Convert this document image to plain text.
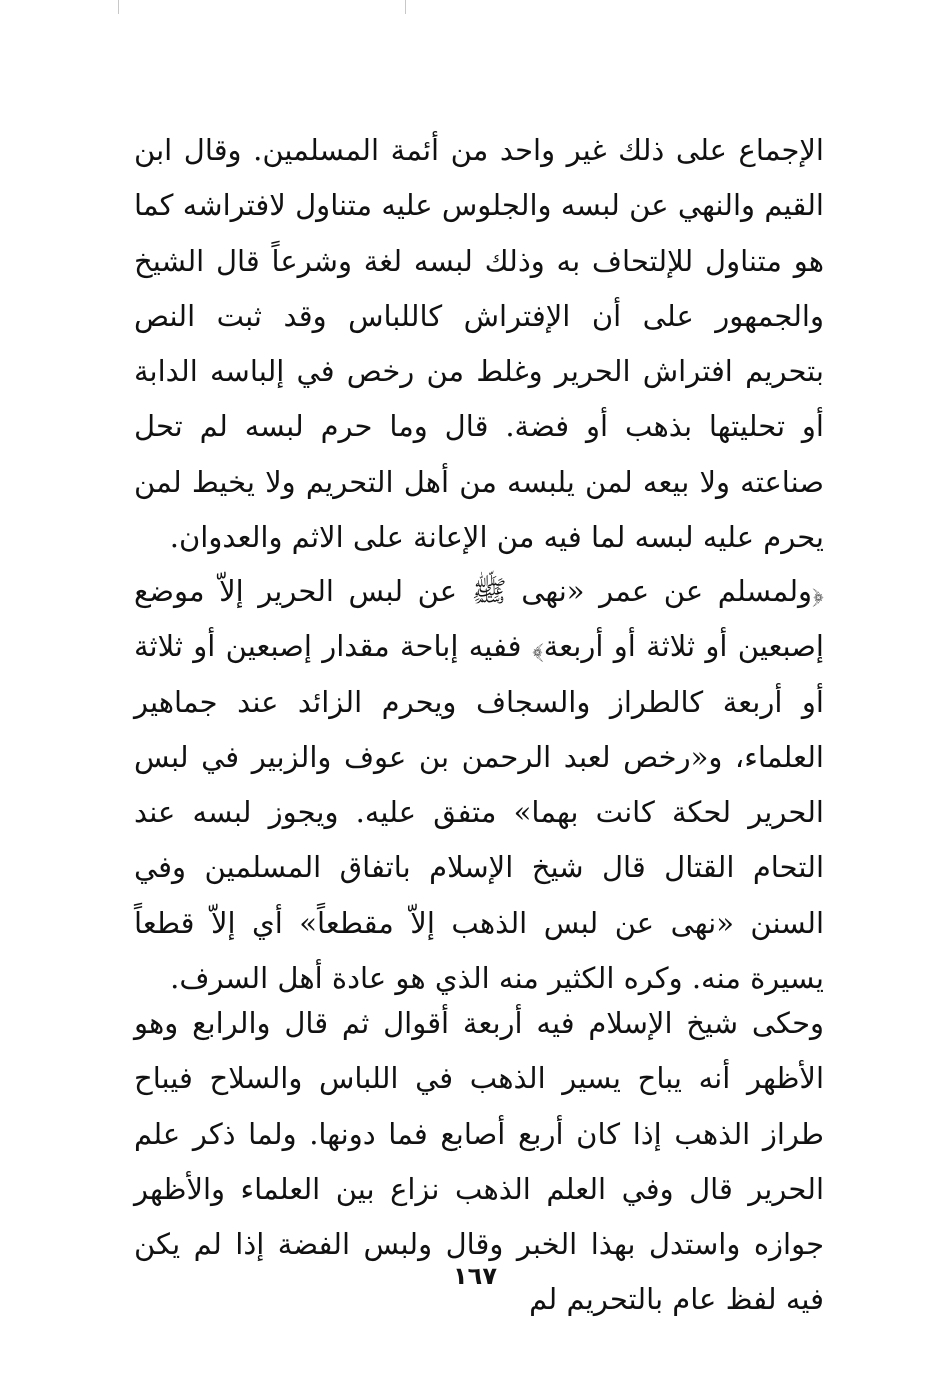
الإجماع على ذلك غير واحد من أئمة المسلمين. وقال ابن القيم والنهي عن لبسه والجلوس عليه متناول لافتراشه كما هو متناول للإلتحاف به وذلك لبسه لغة وشرعاً قال الشيخ والجمهور على أن الإفتراش كاللباس وقد ثبت النص بتحريم افتراش الحرير وغلط من رخص في إلباسه الدابة أو تحليتها بذهب أو فضة. قال وما حرم لبسه لم تحل صناعته ولا بيعه لمن يلبسه من أهل التحريم ولا يخيط لمن يحرم عليه لبسه لما فيه من الإعانة على الاثم والعدوان.

﴿ولمسلم عن عمر «نهى ﷺ عن لبس الحرير إلاّ موضع إصبعين أو ثلاثة أو أربعة﴾ ففيه إباحة مقدار إصبعين أو ثلاثة أو أربعة كالطراز والسجاف ويحرم الزائد عند جماهير العلماء، و«رخص لعبد الرحمن بن عوف والزبير في لبس الحرير لحكة كانت بهما» متفق عليه. ويجوز لبسه عند التحام القتال قال شيخ الإسلام باتفاق المسلمين وفي السنن «نهى عن لبس الذهب إلاّ مقطعاً» أي إلاّ قطعاً يسيرة منه. وكره الكثير منه الذي هو عادة أهل السرف.

وحكى شيخ الإسلام فيه أربعة أقوال ثم قال والرابع وهو الأظهر أنه يباح يسير الذهب في اللباس والسلاح فيباح طراز الذهب إذا كان أربع أصابع فما دونها. ولما ذكر علم الحرير قال وفي العلم الذهب نزاع بين العلماء والأظهر جوازه واستدل بهذا الخبر وقال ولبس الفضة إذا لم يكن فيه لفظ عام بالتحريم لم

١٦٧
